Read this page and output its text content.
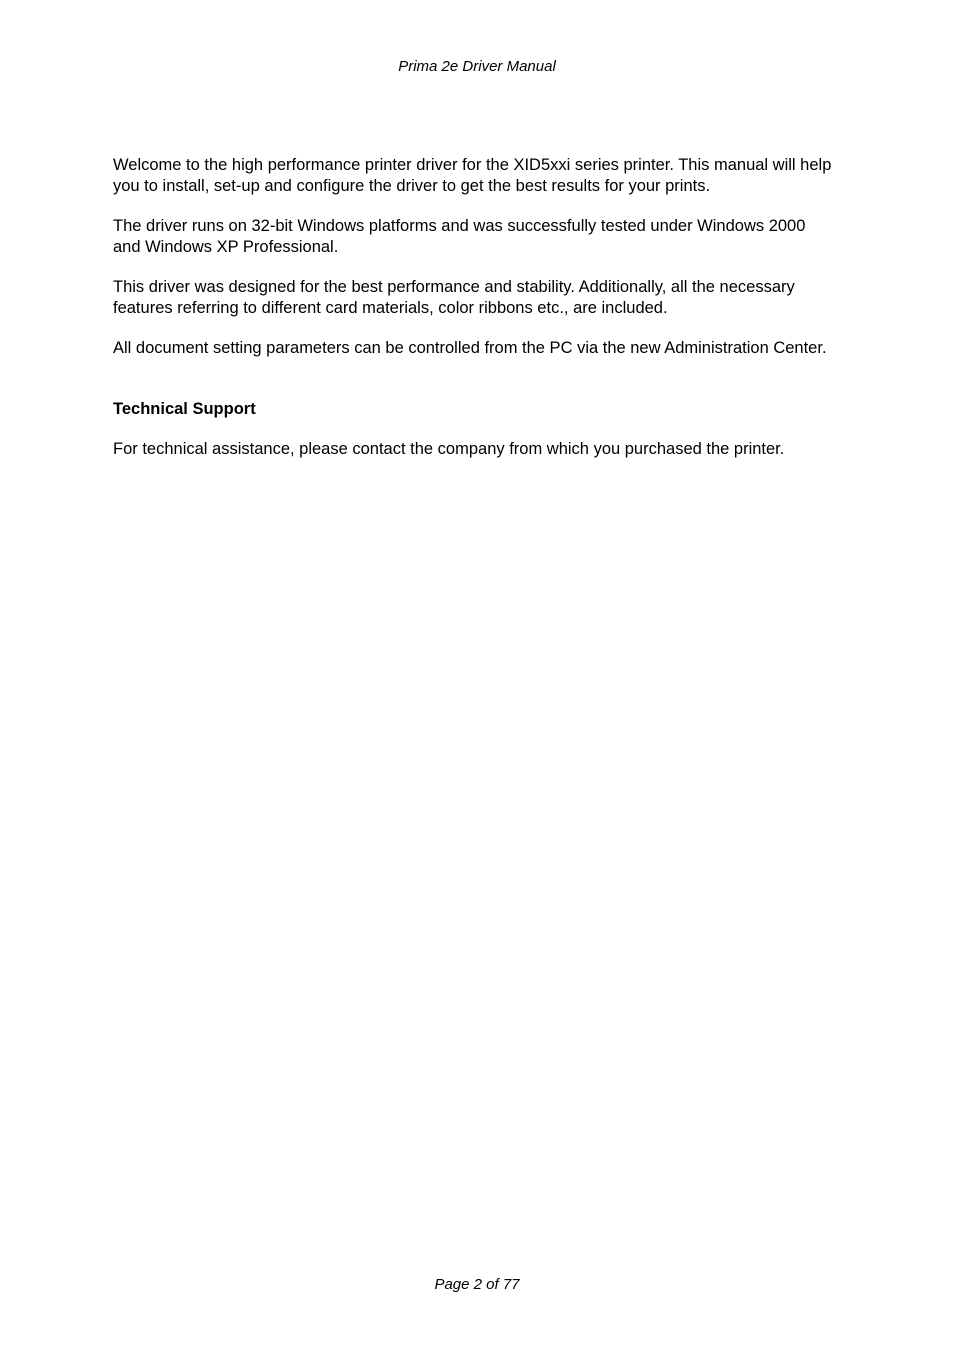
Prima 2e Driver Manual

Welcome to the high performance printer driver for the XID5xxi series printer. This manual will help
you to install, set-up and configure the driver to get the best results for your prints.

The driver runs on 32-bit Windows platforms and was successfully tested under Windows 2000
and Windows XP Professional.

This driver was designed for the best performance and stability. Additionally, all the necessary
features referring to different card materials, color ribbons etc., are included.

All document setting parameters can be controlled from the PC via the new Administration Center.

Technical Support

For technical assistance, please contact the company from which you purchased the printer.

Page 2 of 77
